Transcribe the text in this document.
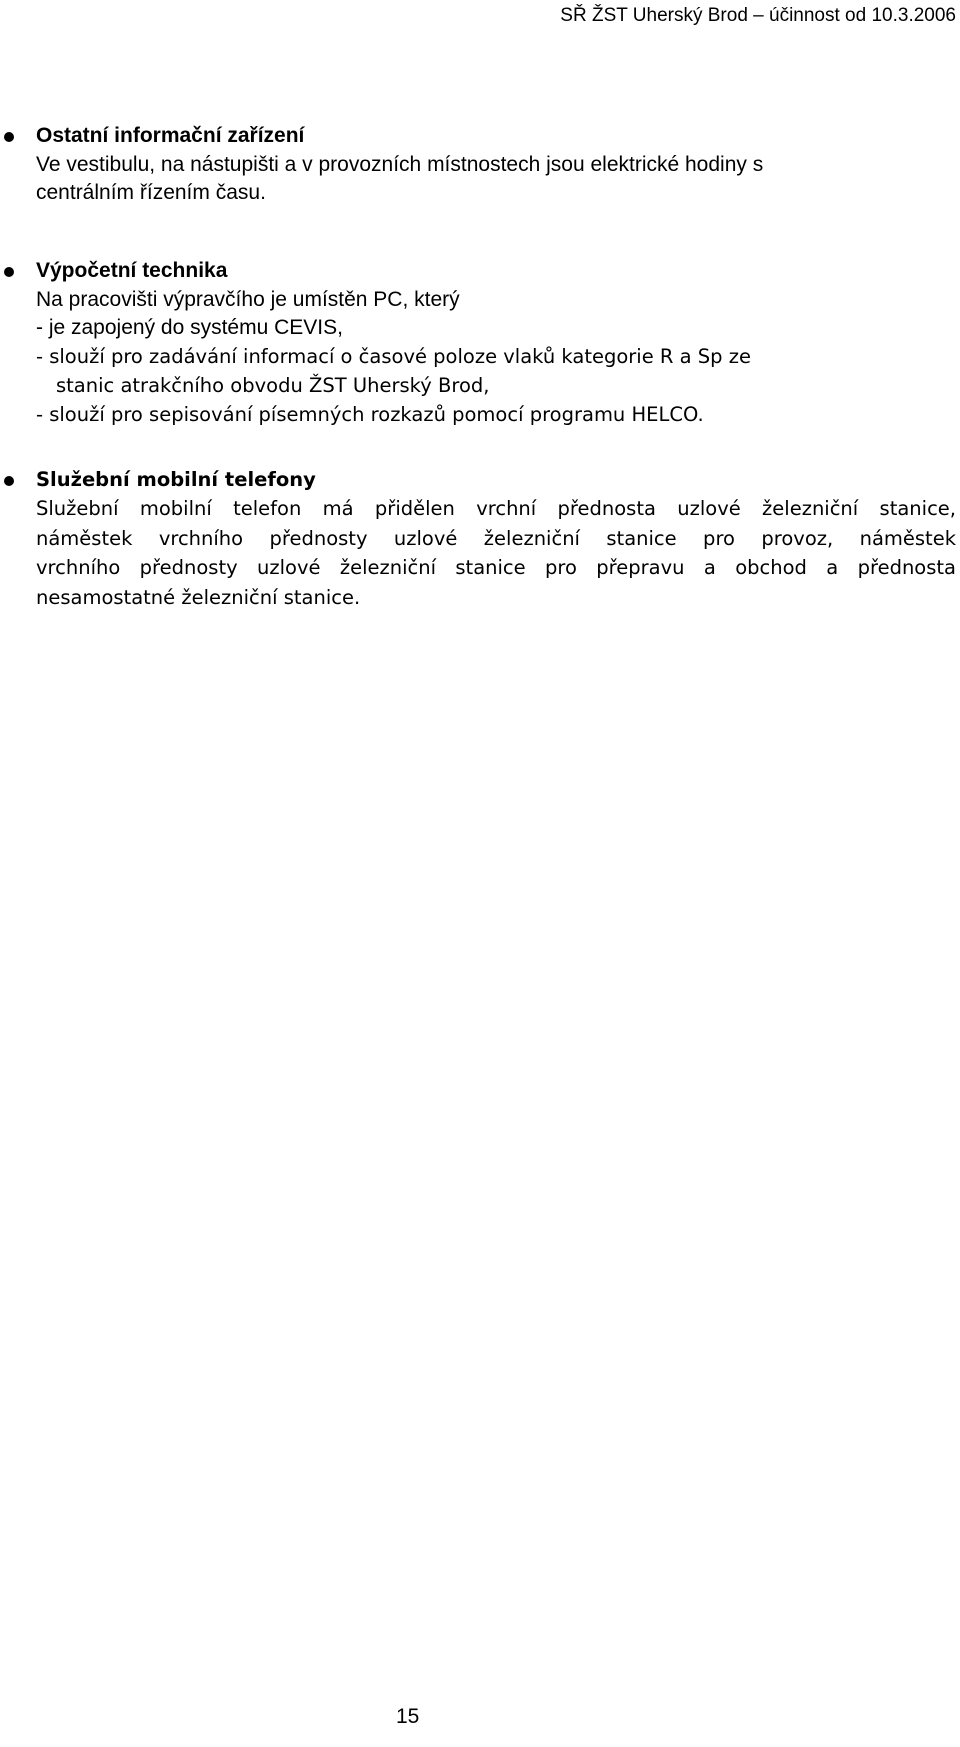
SŘ ŽST Uherský Brod – účinnost od 10.3.2006
Ostatní informační zařízení
Ve vestibulu, na nástupišti a v provozních místnostech jsou elektrické hodiny s
centrálním řízením času.
Výpočetní technika
Na pracovišti výpravčího je umístěn PC, který
- je zapojený do systému CEVIS,
- slouží pro zadávání informací o časové poloze vlaků kategorie R a Sp ze
stanic atrakčního obvodu ŽST Uherský Brod,
- slouží pro sepisování písemných rozkazů pomocí programu HELCO.
Služební mobilní telefony
Služební mobilní telefon má přidělen vrchní přednosta uzlové železniční stanice,
náměstek vrchního přednosty uzlové železniční stanice pro provoz, náměstek
vrchního přednosty uzlové železniční stanice pro přepravu a obchod a přednosta
nesamostatné železniční stanice.
15
